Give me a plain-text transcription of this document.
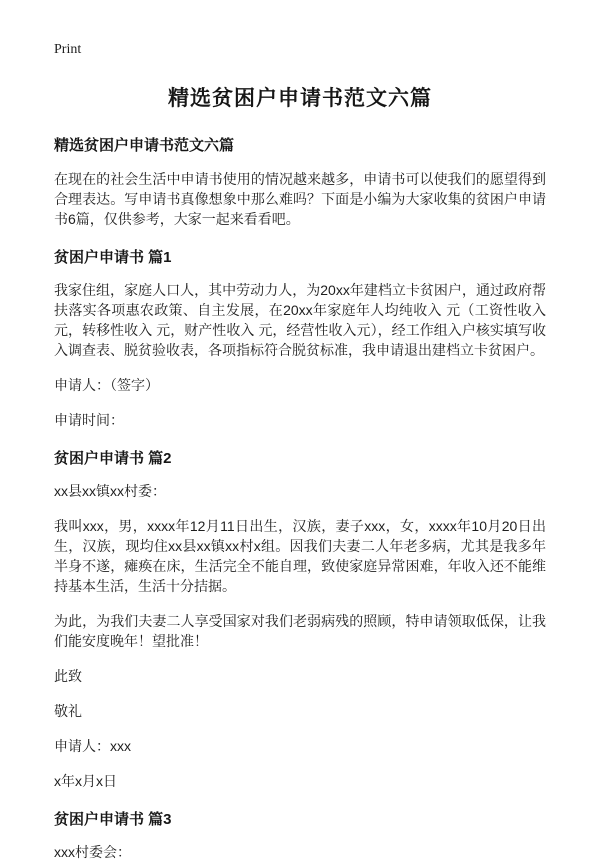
Print
精选贫困户申请书范文六篇

精选贫困户申请书范文六篇

在现在的社会生活中申请书使用的情况越来越多，申请书可以使我们的愿望得到合理表达。写申请书真像想象中那么难吗？下面是小编为大家收集的贫困户申请书6篇，仅供参考，大家一起来看看吧。

贫困户申请书 篇1

我家住组，家庭人口人，其中劳动力人，为20xx年建档立卡贫困户，通过政府帮扶落实各项惠农政策、自主发展，在20xx年家庭年人均纯收入 元（工资性收入 元，转移性收入 元，财产性收入 元，经营性收入元），经工作组入户核实填写收入调查表、脱贫验收表，各项指标符合脱贫标准，我申请退出建档立卡贫困户。

申请人：（签字）

申请时间：

贫困户申请书 篇2

xx县xx镇xx村委：

我叫xxx，男，xxxx年12月11日出生，汉族，妻子xxx，女，xxxx年10月20日出生，汉族，现均住xx县xx镇xx村x组。因我们夫妻二人年老多病，尤其是我多年半身不遂，瘫痪在床，生活完全不能自理，致使家庭异常困难，年收入还不能维持基本生活，生活十分拮据。

为此，为我们夫妻二人享受国家对我们老弱病残的照顾，特申请领取低保，让我们能安度晚年！望批准！

此致

敬礼

申请人：xxx

x年x月x日

贫困户申请书 篇3

xxx村委会：
